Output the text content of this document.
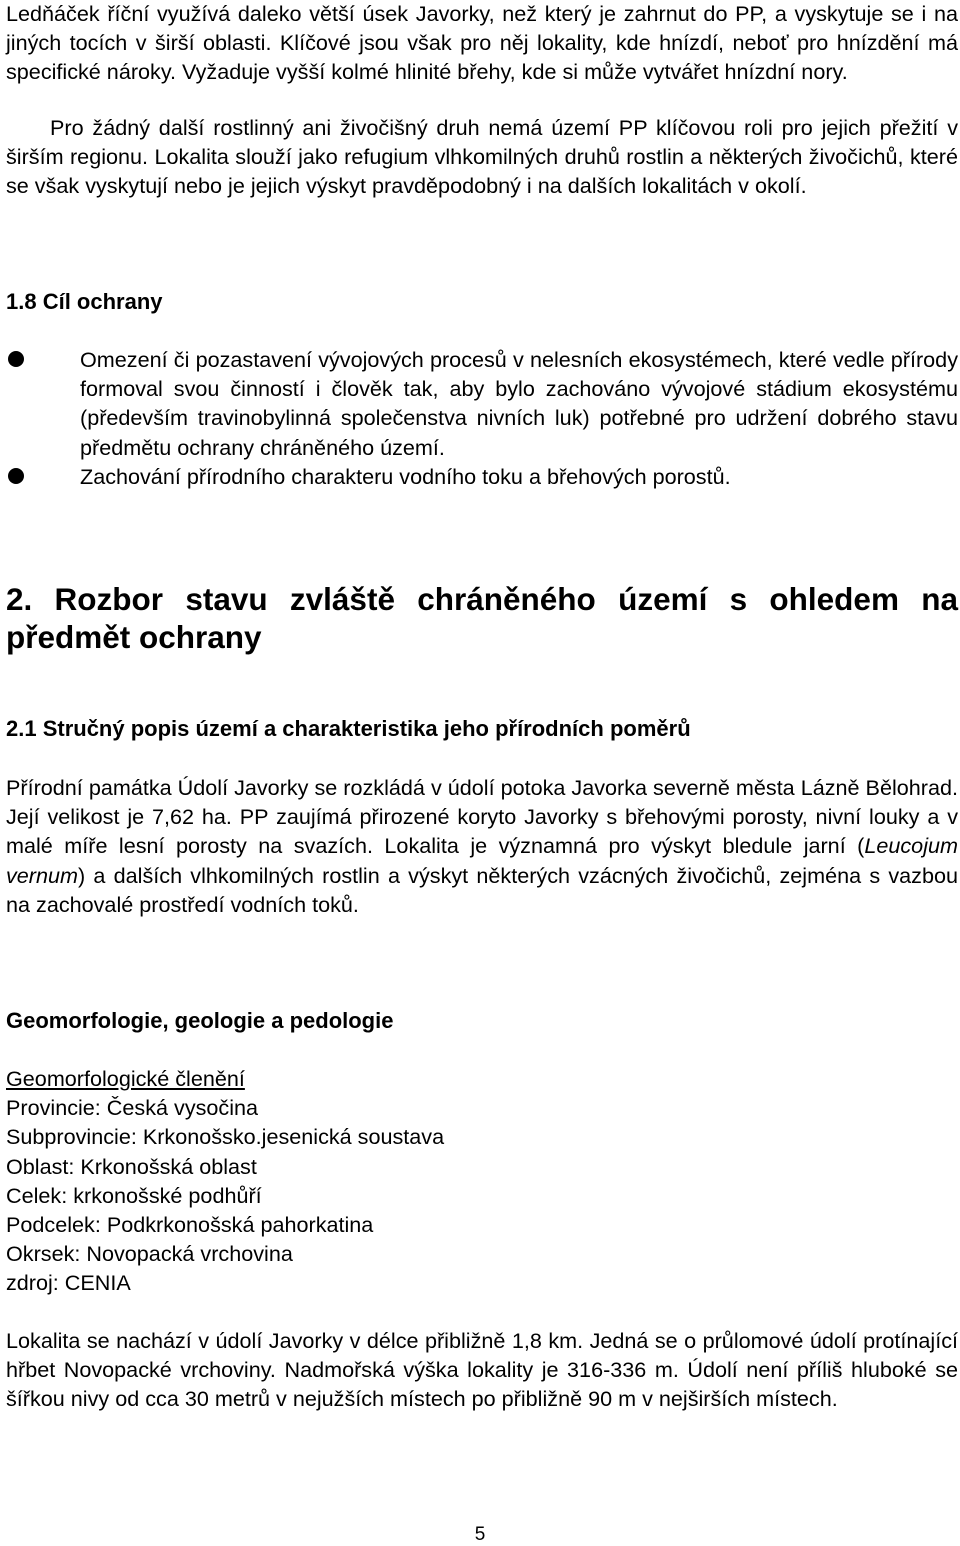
Ledňáček říční využívá daleko větší úsek Javorky, než který je zahrnut do PP, a vyskytuje se i na jiných tocích v širší oblasti. Klíčové jsou však pro něj lokality, kde hnízdí, neboť pro hnízdění má specifické nároky. Vyžaduje vyšší kolmé hlinité břehy, kde si může vytvářet hnízdní nory.

Pro žádný další rostlinný ani živočišný druh nemá území PP klíčovou roli pro jejich přežití v širším regionu. Lokalita slouží jako refugium vlhkomilných druhů rostlin a některých živočichů, které se však vyskytují nebo je jejich výskyt pravděpodobný i na dalších lokalitách v okolí.

1.8 Cíl ochrany
Omezení či pozastavení vývojových procesů v nelesních ekosystémech, které vedle přírody formoval svou činností i člověk tak, aby bylo zachováno vývojové stádium ekosystému (především travinobylinná společenstva nivních luk) potřebné pro udržení dobrého stavu předmětu ochrany chráněného území.
Zachování přírodního charakteru vodního toku a břehových porostů.
2. Rozbor stavu zvláště chráněného území s ohledem na předmět ochrany
2.1 Stručný popis území a charakteristika jeho přírodních poměrů

Přírodní památka Údolí Javorky se rozkládá v údolí potoka Javorka severně města Lázně Bělohrad. Její velikost je 7,62 ha. PP zaujímá přirozené koryto Javorky s břehovými porosty, nivní louky a v malé míře lesní porosty na svazích. Lokalita je významná pro výskyt bledule jarní (Leucojum vernum) a dalších vlhkomilných rostlin a výskyt některých vzácných živočichů, zejména s vazbou na zachovalé prostředí vodních toků.

Geomorfologie, geologie a pedologie

Geomorfologické členění

Provincie: Česká vysočina

Subprovincie: Krkonošsko.jesenická soustava

Oblast: Krkonošská oblast

Celek: krkonošské podhůří

Podcelek: Podkrkonošská pahorkatina

Okrsek: Novopacká vrchovina

zdroj: CENIA

Lokalita se nachází v údolí Javorky v délce přibližně 1,8 km. Jedná se o průlomové údolí protínající hřbet Novopacké vrchoviny. Nadmořská výška lokality je 316-336 m. Údolí není příliš hluboké se šířkou nivy od cca 30 metrů v nejužších místech po přibližně 90 m v nejširších místech.

5
